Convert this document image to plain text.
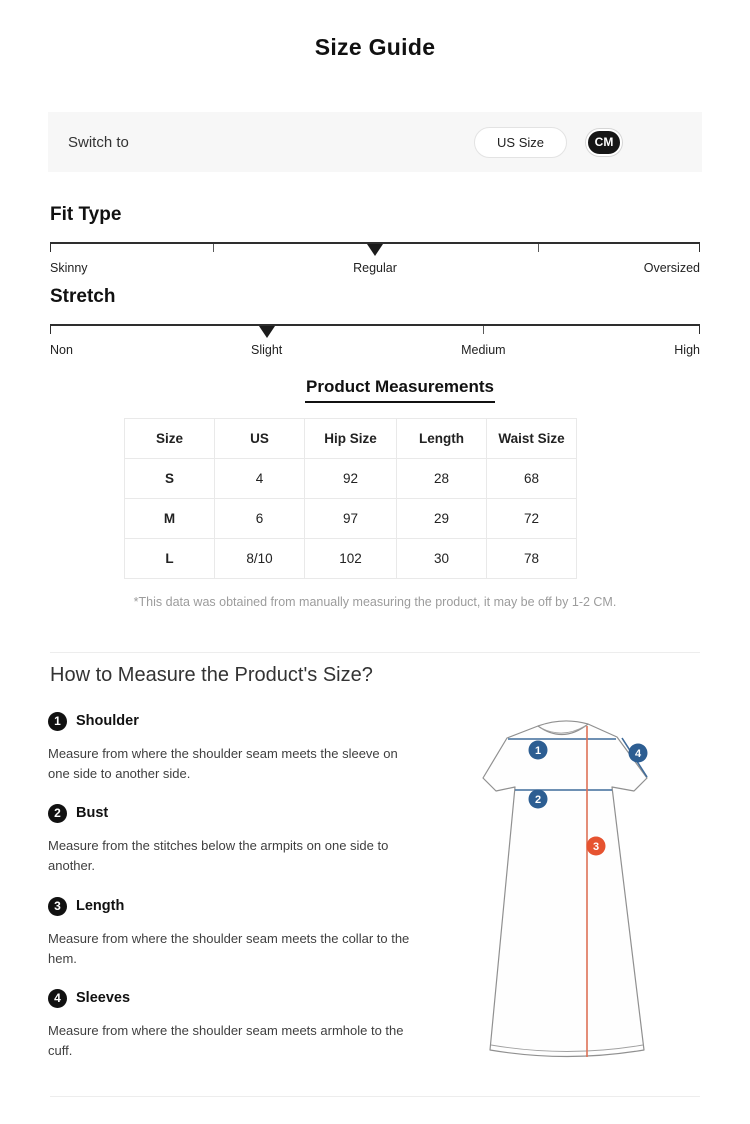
Size Guide
Switch to	US Size	CM
Fit Type
Skinny	Regular	Oversized
Stretch
Non	Slight	Medium	High
Product Measurements
Size	US	Hip Size	Length	Waist Size
S	4	92	28	68
M	6	97	29	72
L	8/10	102	30	78
*This data was obtained from manually measuring the product, it may be off by 1-2 CM.
How to Measure the Product's Size?
1	Shoulder
Measure from where the shoulder seam meets the sleeve on one side to another side.
2	Bust
Measure from the stitches below the armpits on one side to another.
3	Length
Measure from where the shoulder seam meets the collar to the hem.
4	Sleeves
Measure from where the shoulder seam meets armhole to the cuff.
1
2
3
4
